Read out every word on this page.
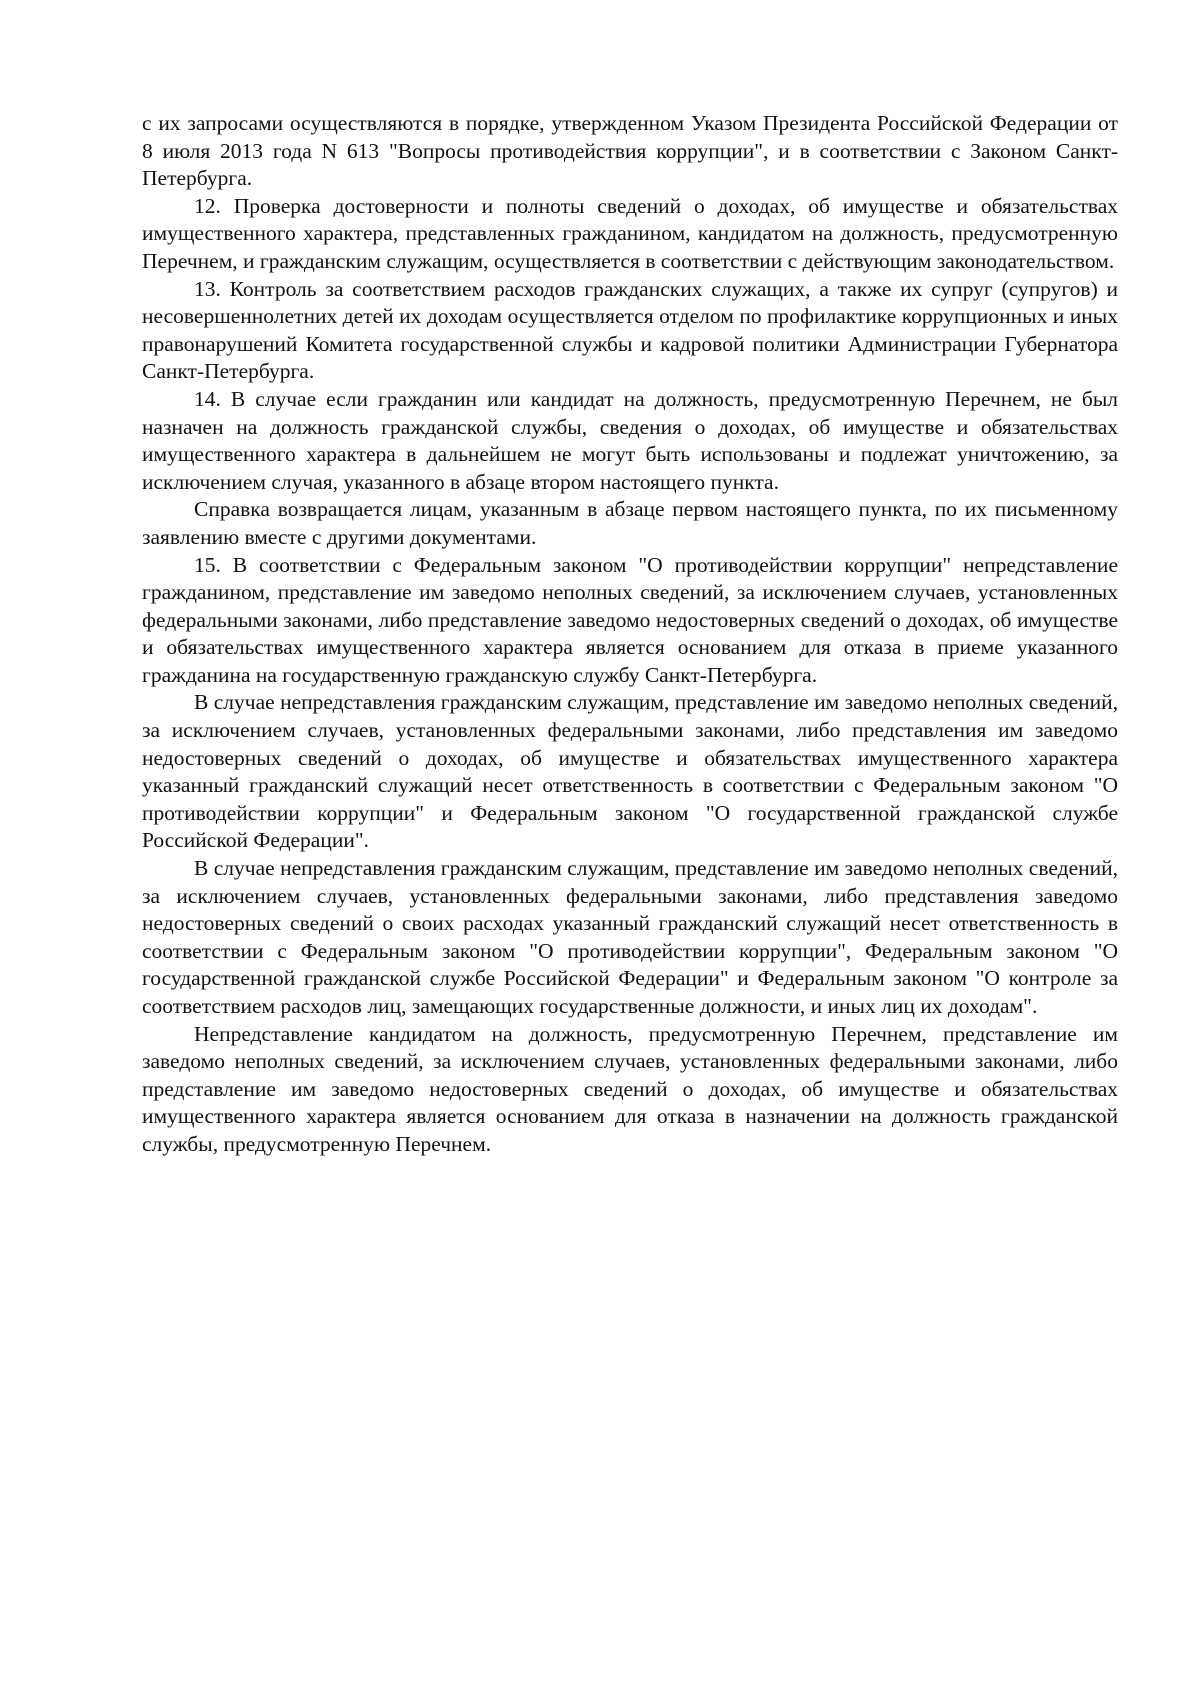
с их запросами осуществляются в порядке, утвержденном Указом Президента Российской Федерации от 8 июля 2013 года N 613 "Вопросы противодействия коррупции", и в соответствии с Законом Санкт-Петербурга.

12. Проверка достоверности и полноты сведений о доходах, об имуществе и обязательствах имущественного характера, представленных гражданином, кандидатом на должность, предусмотренную Перечнем, и гражданским служащим, осуществляется в соответствии с действующим законодательством.

13. Контроль за соответствием расходов гражданских служащих, а также их супруг (супругов) и несовершеннолетних детей их доходам осуществляется отделом по профилактике коррупционных и иных правонарушений Комитета государственной службы и кадровой политики Администрации Губернатора Санкт-Петербурга.

14. В случае если гражданин или кандидат на должность, предусмотренную Перечнем, не был назначен на должность гражданской службы, сведения о доходах, об имуществе и обязательствах имущественного характера в дальнейшем не могут быть использованы и подлежат уничтожению, за исключением случая, указанного в абзаце втором настоящего пункта.

Справка возвращается лицам, указанным в абзаце первом настоящего пункта, по их письменному заявлению вместе с другими документами.

15. В соответствии с Федеральным законом "О противодействии коррупции" непредставление гражданином, представление им заведомо неполных сведений, за исключением случаев, установленных федеральными законами, либо представление заведомо недостоверных сведений о доходах, об имуществе и обязательствах имущественного характера является основанием для отказа в приеме указанного гражданина на государственную гражданскую службу Санкт-Петербурга.

В случае непредставления гражданским служащим, представление им заведомо неполных сведений, за исключением случаев, установленных федеральными законами, либо представления им заведомо недостоверных сведений о доходах, об имуществе и обязательствах имущественного характера указанный гражданский служащий несет ответственность в соответствии с Федеральным законом "О противодействии коррупции" и Федеральным законом "О государственной гражданской службе Российской Федерации".

В случае непредставления гражданским служащим, представление им заведомо неполных сведений, за исключением случаев, установленных федеральными законами, либо представления заведомо недостоверных сведений о своих расходах указанный гражданский служащий несет ответственность в соответствии с Федеральным законом "О противодействии коррупции", Федеральным законом "О государственной гражданской службе Российской Федерации" и Федеральным законом "О контроле за соответствием расходов лиц, замещающих государственные должности, и иных лиц их доходам".

Непредставление кандидатом на должность, предусмотренную Перечнем, представление им заведомо неполных сведений, за исключением случаев, установленных федеральными законами, либо представление им заведомо недостоверных сведений о доходах, об имуществе и обязательствах имущественного характера является основанием для отказа в назначении на должность гражданской службы, предусмотренную Перечнем.
